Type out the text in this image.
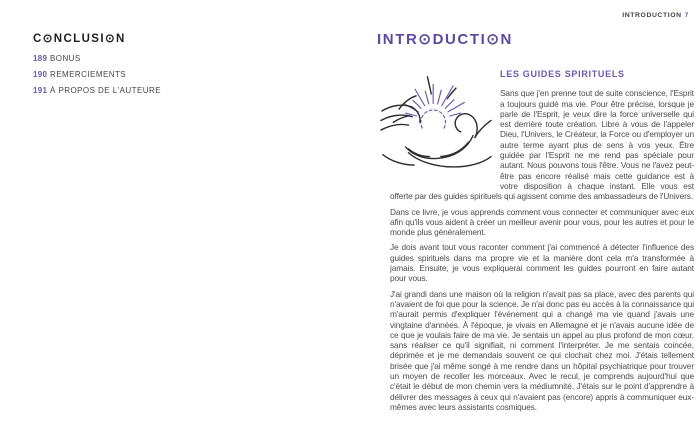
C⊙NCLUSI⊙N
189 BONUS
190 REMERCIEMENTS
191 À PROPOS DE L'AUTEURE
INTRODUCTION 7
INTR⊙DUCTI⊙N
LES GUIDES SPIRITUELS

Sans que j'en prenne tout de suite conscience, l'Esprit a toujours guidé ma vie. Pour être précise, lorsque je parle de l'Esprit, je veux dire la force universelle qui est derrière toute création. Libre à vous de l'appeler Dieu, l'Univers, le Créateur, la Force ou d'employer un autre terme ayant plus de sens à vos yeux. Être guidée par l'Esprit ne me rend pas spéciale pour autant. Nous pouvons tous l'être. Vous ne l'avez peut-être pas encore réalisé mais cette guidance est à votre disposition à chaque instant. Elle vous est offerte par des guides spirituels qui agissent comme des ambassadeurs de l'Univers.

Dans ce livre, je vous apprends comment vous connecter et communiquer avec eux afin qu'ils vous aident à créer un meilleur avenir pour vous, pour les autres et pour le monde plus généralement.

Je dois avant tout vous raconter comment j'ai commencé à détecter l'influence des guides spirituels dans ma propre vie et la manière dont cela m'a transformée à jamais. Ensuite, je vous expliquerai comment les guides pourront en faire autant pour vous.

J'ai grandi dans une maison où la religion n'avait pas sa place, avec des parents qui n'avaient de foi que pour la science. Je n'ai donc pas eu accès à la connaissance qui m'aurait permis d'expliquer l'événement qui a changé ma vie quand j'avais une vingtaine d'années. À l'époque, je vivais en Allemagne et je n'avais aucune idée de ce que je voulais faire de ma vie. Je sentais un appel au plus profond de mon cœur, sans réaliser ce qu'il signifiait, ni comment l'interpréter. Je me sentais coincée, déprimée et je me demandais souvent ce qui clochait chez moi. J'étais tellement brisée que j'ai même songé à me rendre dans un hôpital psychiatrique pour trouver un moyen de recoller les morceaux. Avec le recul, je comprends aujourd'hui que c'était le début de mon chemin vers la médiumnité. J'étais sur le point d'apprendre à délivrer des messages à ceux qui n'avaient pas (encore) appris à communiquer eux-mêmes avec leurs assistants cosmiques.
